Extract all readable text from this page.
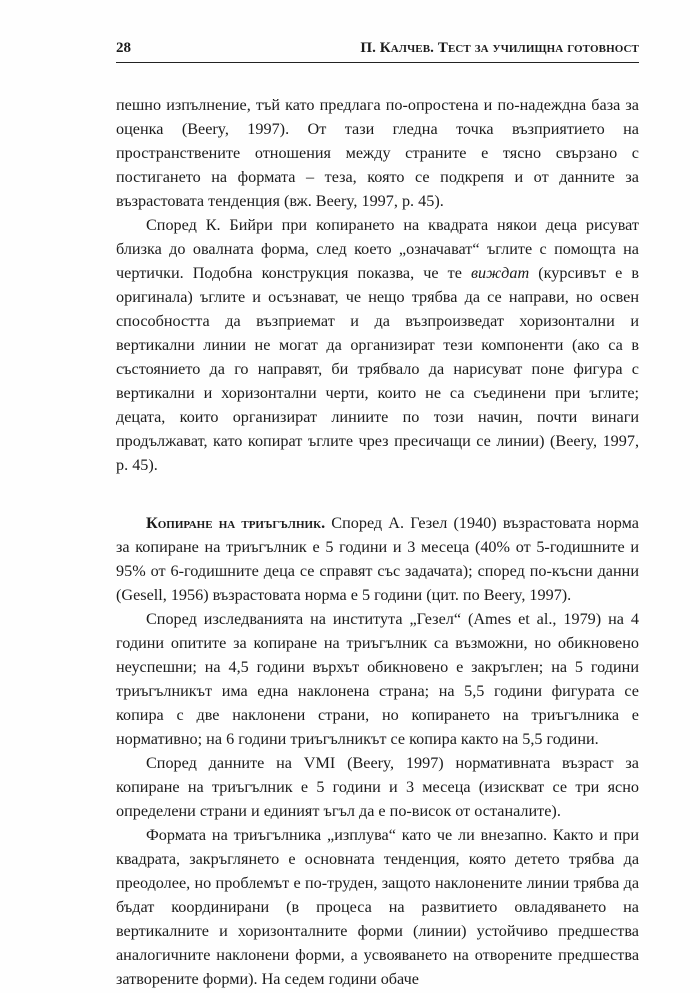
28	П. Калчев. Тест за училищна готовност

пешно изпълнение, тъй като предлага по-опростена и по-надеждна база за оценка (Beery, 1997). От тази гледна точка възприятието на пространствените отношения между страните е тясно свързано с постигането на формата – теза, която се подкрепя и от данните за възрастовата тенденция (вж. Beery, 1997, p. 45).

Според К. Бийри при копирането на квадрата някои деца рисуват близка до овалната форма, след което „означават“ ъглите с помощта на чертички. Подобна конструкция показва, че те виждат (курсивът е в оригинала) ъглите и осъзнават, че нещо трябва да се направи, но освен способността да възприемат и да възпроизведат хоризонтални и вертикални линии не могат да организират тези компоненти (ако са в състоянието да го направят, би трябвало да нарисуват поне фигура с вертикални и хоризонтални черти, които не са съединени при ъглите; децата, които организират линиите по този начин, почти винаги продължават, като копират ъглите чрез пресичащи се линии) (Beery, 1997, p. 45).

Копиране на триъгълник. Според А. Гезел (1940) възрастовата норма за копиране на триъгълник е 5 години и 3 месеца (40% от 5-годишните и 95% от 6-годишните деца се справят със задачата); според по-късни данни (Gesell, 1956) възрастовата норма е 5 години (цит. по Beery, 1997).

Според изследванията на института „Гезел“ (Ames et al., 1979) на 4 години опитите за копиране на триъгълник са възможни, но обикновено неуспешни; на 4,5 години върхът обикновено е закръглен; на 5 години триъгълникът има една наклонена страна; на 5,5 години фигурата се копира с две наклонени страни, но копирането на триъгълника е нормативно; на 6 години триъгълникът се копира както на 5,5 години.

Според данните на VMI (Beery, 1997) нормативната възраст за копиране на триъгълник е 5 години и 3 месеца (изискват се три ясно определени страни и единият ъгъл да е по-висок от останалите).

Формата на триъгълника „изплува“ като че ли внезапно. Както и при квадрата, закръглянето е основната тенденция, която детето трябва да преодолее, но проблемът е по-труден, защото наклонените линии трябва да бъдат координирани (в процеса на развитието овладяването на вертикалните и хоризонталните форми (линии) устойчиво предшества аналогичните наклонени форми, а усвояването на отворените предшества затворените форми). На седем години обаче
